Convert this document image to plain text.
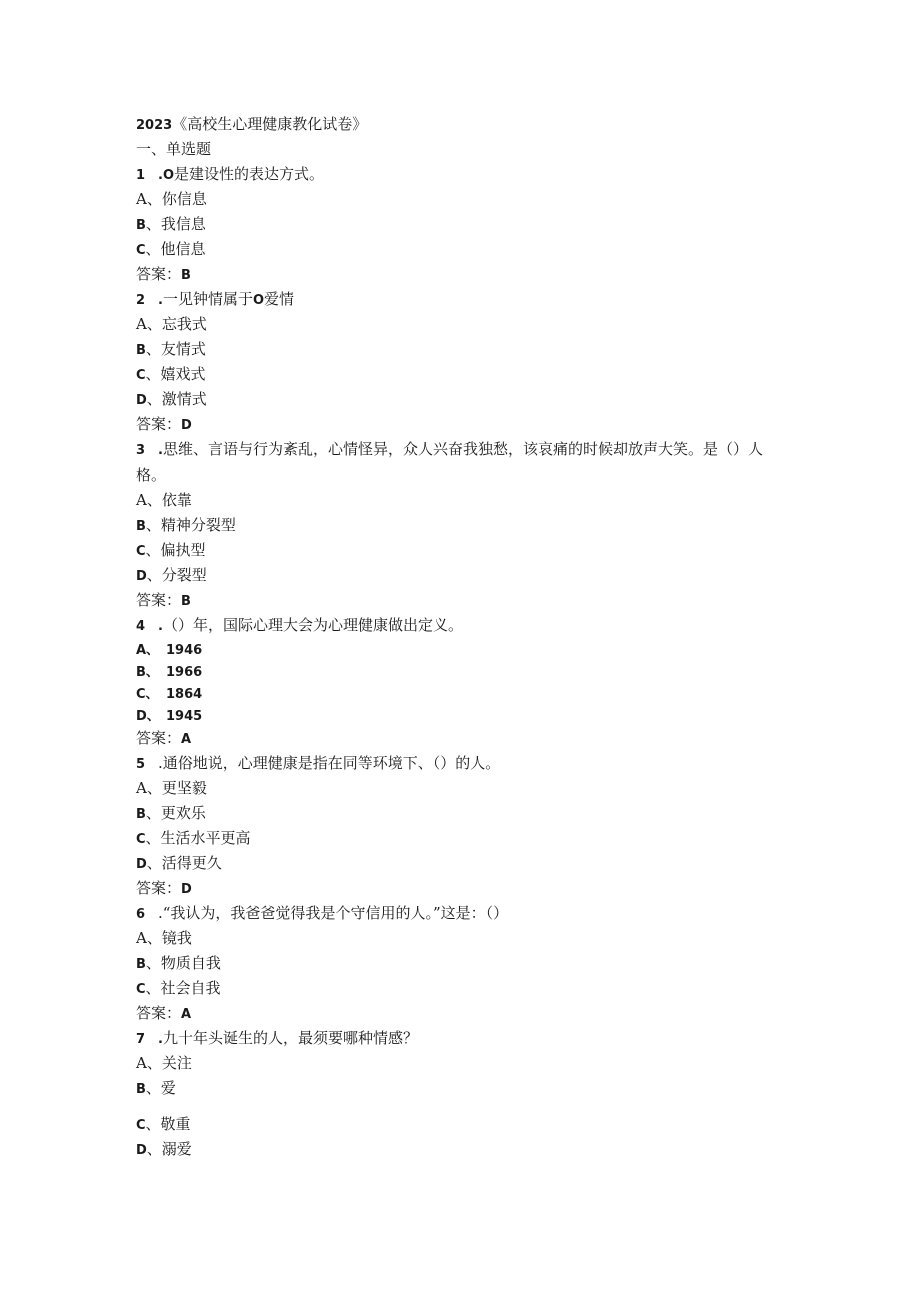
2023《高校生心理健康教化试卷》
一、单选题
1 .O是建设性的表达方式。
A、你信息
B、我信息
C、他信息
答案：B
2 .一见钟情属于O爱情
A、忘我式
B、友情式
C、嬉戏式
D、激情式
答案：D
3 .思维、言语与行为紊乱，心情怪异，众人兴奋我独愁，该哀痛的时候却放声大笑。是（）人格。
A、依靠
B、精神分裂型
C、偏执型
D、分裂型
答案：B
4 .（）年，国际心理大会为心理健康做出定义。
A、 1946
B、 1966
C、 1864
D、 1945
答案：A
5 .通俗地说，心理健康是指在同等环境下、（）的人。
A、更坚毅
B、更欢乐
C、生活水平更高
D、活得更久
答案：D
6 .“我认为，我爸爸觉得我是个守信用的人。”这是：（）
A、镜我
B、物质自我
C、社会自我
答案：A
7 .九十年头诞生的人，最须要哪种情感？
A、关注
B、爱
C、敬重
D、溺爱
